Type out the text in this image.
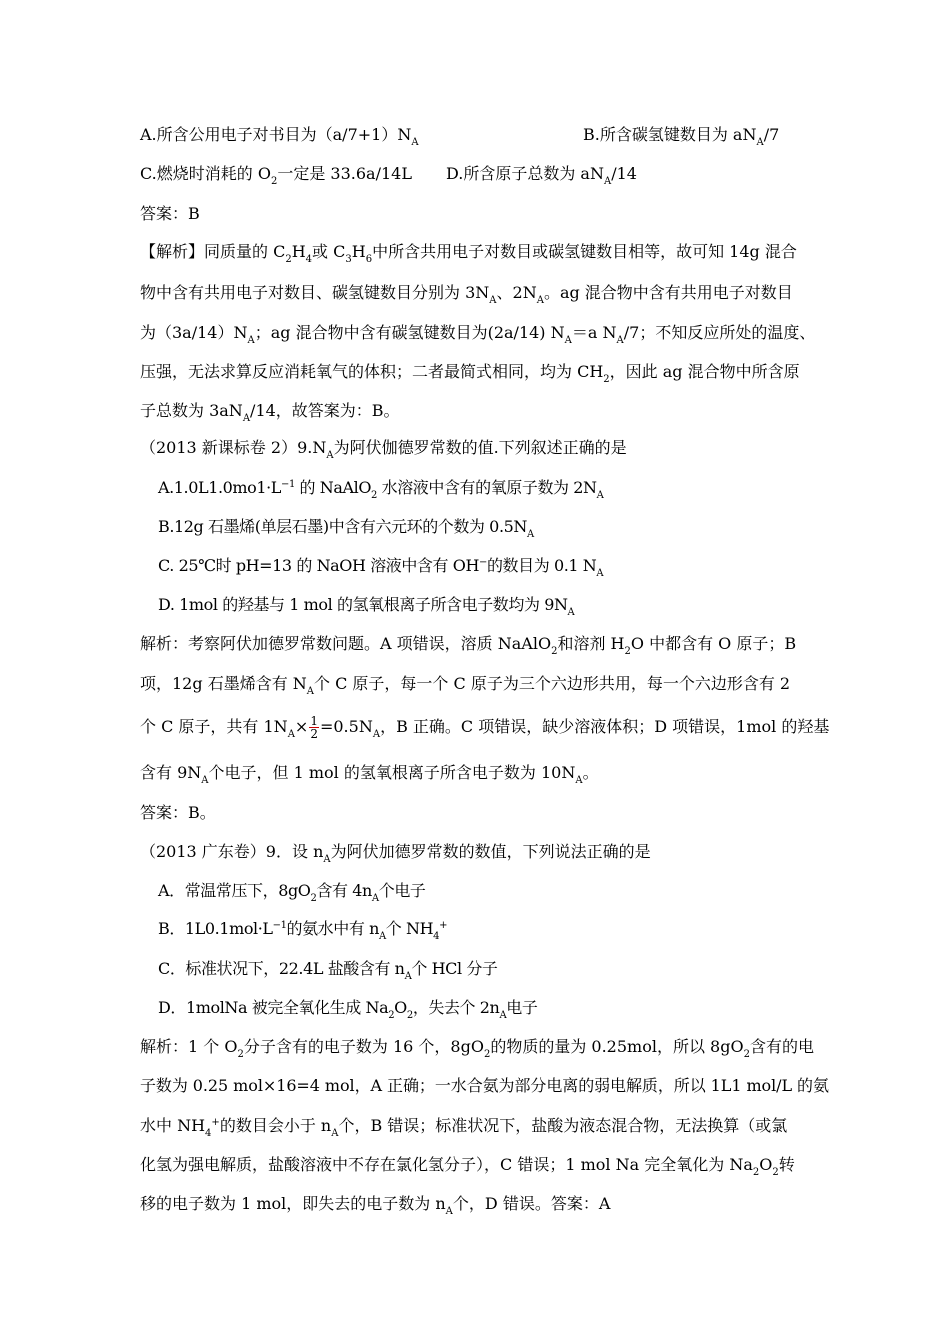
A.所含公用电子对书目为$(a/7+1)N_A$	B.所含碳氢键数目为 $aN_A/7$
C.燃烧时消耗的 $O_2$一定是 33.6a/14L D.所含原子总数为 $aN_A/14$
答案：B
【解析】同质量的 $C_2H_4$或 $C_3H_6$中所含共用电子对数目或碳氢键数目相等，故可知 14g 混合
物中含有共用电子对数目、碳氢键数目分别为 $3N_A$、$2N_A$。ag 混合物中含有共用电子对数目
为$(3a/14)N_A$；ag 混合物中含有碳氢键数目为(2a/14) $N_A=a$ $N_A/7$；不知反应所处的温度、
压强，无法求算反应消耗氧气的体积；二者最简式相同，均为 $CH_2$，因此 ag 混合物中所含原
子总数为 $3aN_A/14$，故答案为：B。
（2013 新课标卷 $2)9.N_A$为阿伏伽德罗常数的值.下列叙述正确的是
$A.1.0L1.0mo1\cdot L^{-1}$ 的 NaAlO$_2$ 水溶液中含有的氧原子数为 $2N_A$
B.12g 石墨烯(单层石墨)中含有六元环的个数为 $0.5N_A$
C. 25℃时 pH=13 的 NaOH 溶液中含有 OH−的数目为 0.1 $N_A$
D. 1mol 的羟基与 1 mol 的氢氧根离子所含电子数均为 $9N_A$
解析：考察阿伏加德罗常数问题。A 项错误，溶质 NaAlO$_2$和溶剂 $H_2O$ 中都含有 O 原子；B
项，12g 石墨烯含有 $N_A$个 C 原子，每一个 C 原子为三个六边形共用，每一个六边形含有 2
个 C 原子，共有 $1N_A\times \frac{1}{2} =0.5N_A$，B 正确。C 项错误，缺少溶液体积；D 项错误，1mol 的羟基
含有 $9N_A$个电子，但 1 mol 的氢氧根离子所含电子数为 $10N_A$。
答案：B。
（2013 广东卷）9．设 $n_A$为阿伏加德罗常数的数值，下列说法正确的是
A．常温常压下，$8gO_2$含有 $4n_A$个电子
B．$1L0.1mol\cdot L^{-1}$的氨水中有 $n_A$个 $NH_4^+$
C．标准状况下，22.4L 盐酸含有 $n_A$个 HCl 分子
D．1molNa 被完全氧化生成 $Na_2O_2$，失去个 $2n_A$电子
解析：1 个 $O_2$分子含有的电子数为 16 个，$8gO_2$的物质的量为 0.25mol，所以 $8gO_2$含有的电
子数为 0.25 mol×16=4 mol，A 正确；一水合氨为部分电离的弱电解质，所以 1L1 mol/L 的氨
水中 $NH_4^+$的数目会小于 $n_A$个，B 错误；标准状况下，盐酸为液态混合物，无法换算（或氯
化氢为强电解质，盐酸溶液中不存在氯化氢分子），C 错误；1 mol Na 完全氧化为 $Na_2O_2$转
移的电子数为 1 mol，即失去的电子数为 $n_A$个，D 错误。答案：A
